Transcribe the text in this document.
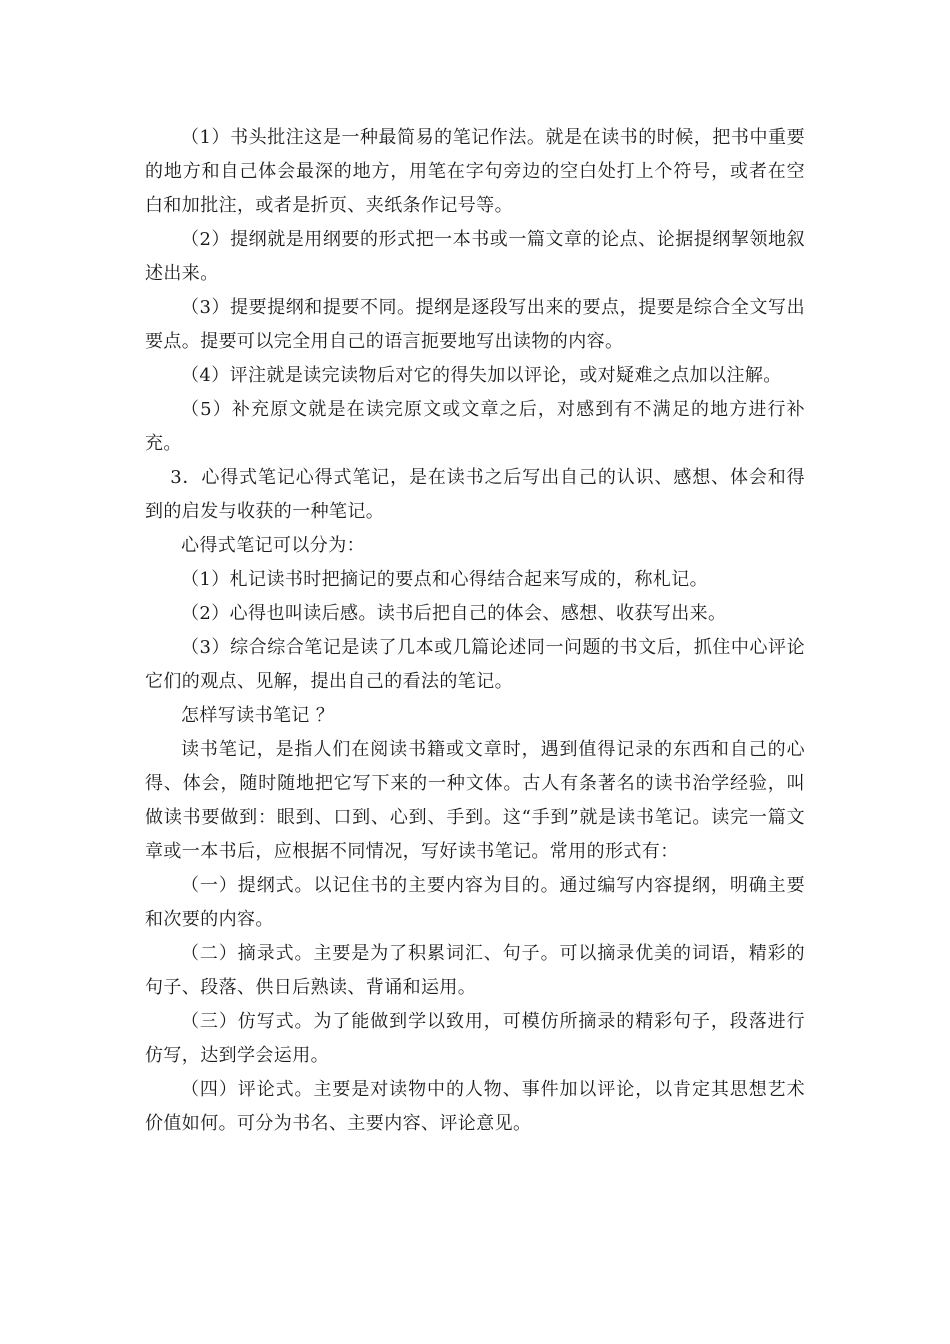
（1）书头批注这是一种最简易的笔记作法。就是在读书的时候，把书中重要的地方和自己体会最深的地方，用笔在字句旁边的空白处打上个符号，或者在空白和加批注，或者是折页、夹纸条作记号等。

（2）提纲就是用纲要的形式把一本书或一篇文章的论点、论据提纲挈领地叙述出来。

（3）提要提纲和提要不同。提纲是逐段写出来的要点，提要是综合全文写出要点。提要可以完全用自己的语言扼要地写出读物的内容。

（4）评注就是读完读物后对它的得失加以评论，或对疑难之点加以注解。

（5）补充原文就是在读完原文或文章之后，对感到有不满足的地方进行补充。

3．心得式笔记心得式笔记，是在读书之后写出自己的认识、感想、体会和得到的启发与收获的一种笔记。

心得式笔记可以分为：

（1）札记读书时把摘记的要点和心得结合起来写成的，称札记。

（2）心得也叫读后感。读书后把自己的体会、感想、收获写出来。

（3）综合综合笔记是读了几本或几篇论述同一问题的书文后，抓住中心评论它们的观点、见解，提出自己的看法的笔记。

怎样写读书笔记 ？

读书笔记，是指人们在阅读书籍或文章时，遇到值得记录的东西和自己的心得、体会，随时随地把它写下来的一种文体。古人有条著名的读书治学经验，叫做读书要做到：眼到、口到、心到、手到。这“手到”就是读书笔记。读完一篇文章或一本书后，应根据不同情况，写好读书笔记。常用的形式有：

（一）提纲式。以记住书的主要内容为目的。通过编写内容提纲，明确主要和次要的内容。

（二）摘录式。主要是为了积累词汇、句子。可以摘录优美的词语，精彩的句子、段落、供日后熟读、背诵和运用。

（三）仿写式。为了能做到学以致用，可模仿所摘录的精彩句子，段落进行仿写，达到学会运用。

（四）评论式。主要是对读物中的人物、事件加以评论，以肯定其思想艺术价值如何。可分为书名、主要内容、评论意见。
